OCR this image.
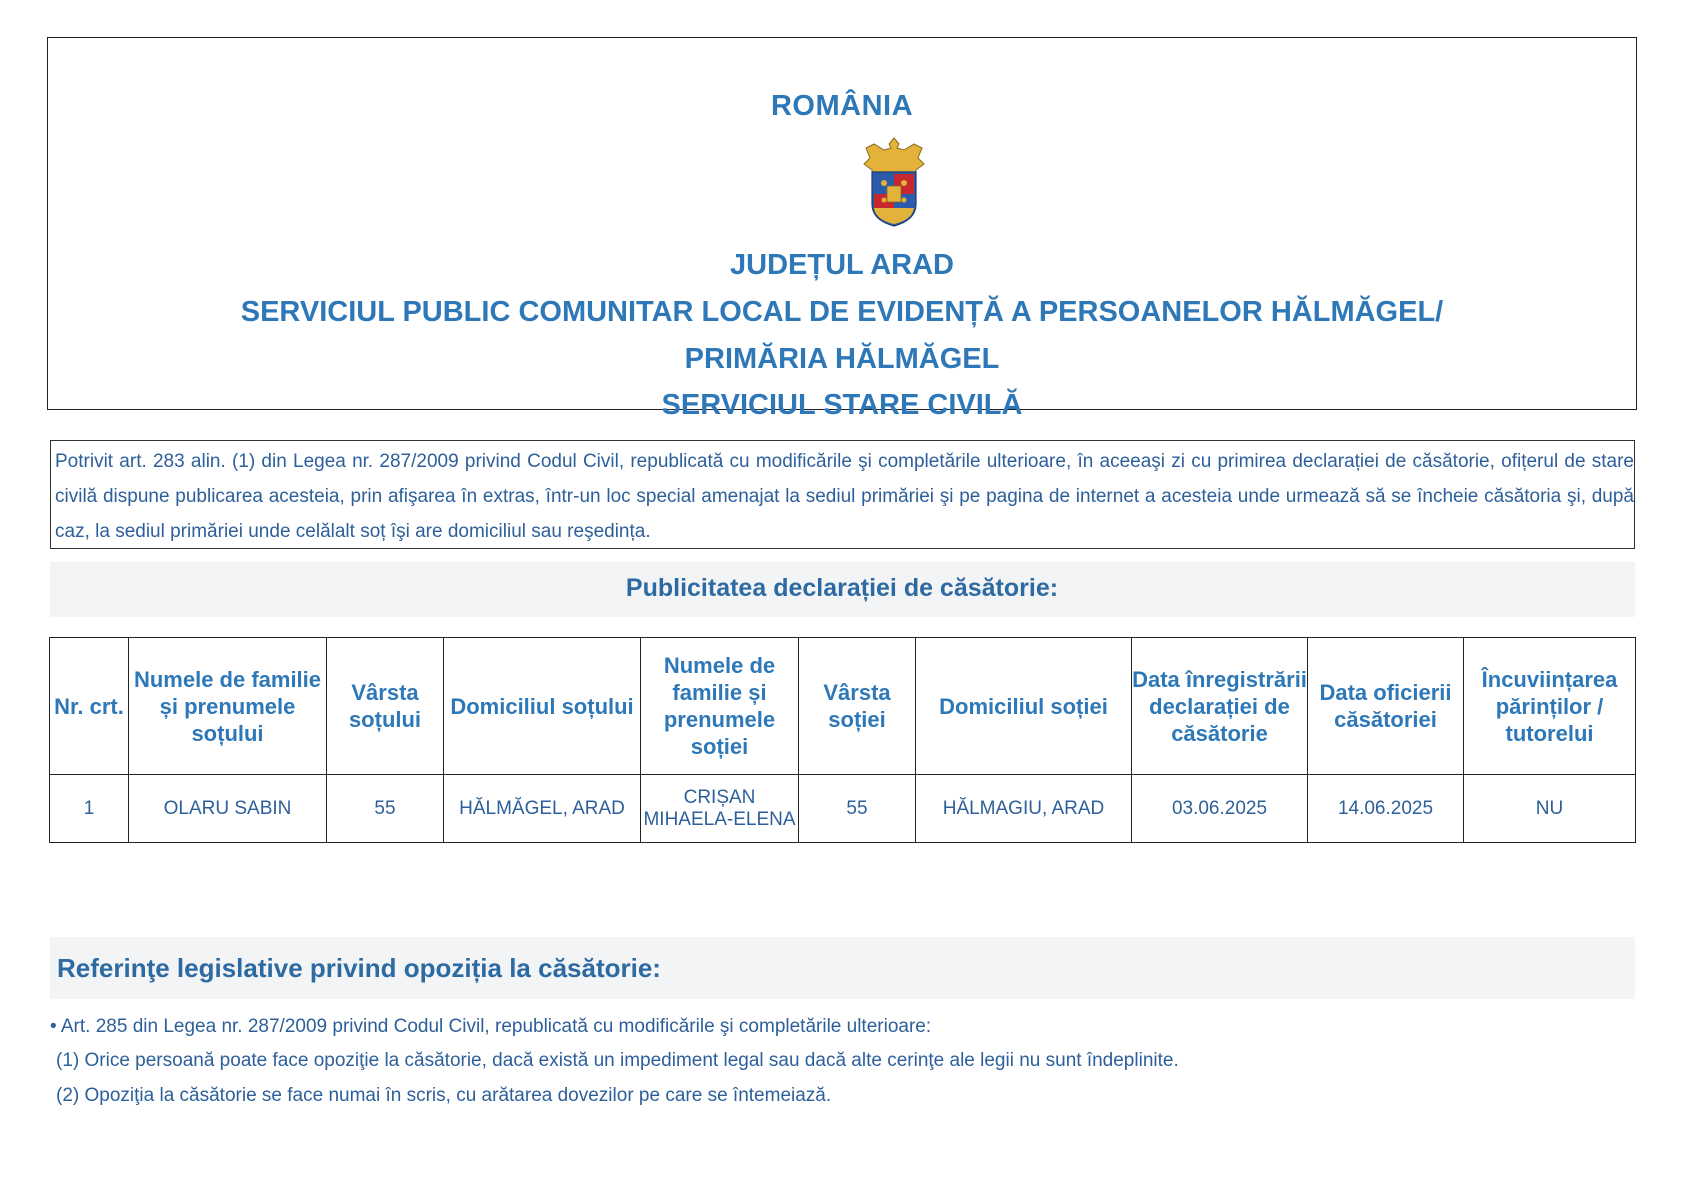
ROMÂNIA
JUDEȚUL ARAD
SERVICIUL PUBLIC COMUNITAR LOCAL DE EVIDENȚĂ A PERSOANELOR HĂLMĂGEL/
PRIMĂRIA HĂLMĂGEL
SERVICIUL STARE CIVILĂ
Potrivit art. 283 alin. (1) din Legea nr. 287/2009 privind Codul Civil, republicată cu modificările şi completările ulterioare, în aceeaşi zi cu primirea declarației de căsătorie, ofițerul de stare civilă dispune publicarea acesteia, prin afişarea în extras, într-un loc special amenajat la sediul primăriei şi pe pagina de internet a acesteia unde urmează să se încheie căsătoria şi, după caz, la sediul primăriei unde celălalt soț îşi are domiciliul sau reşedința.
Publicitatea declarației de căsătorie:
Nr. crt.	Numele de familie și prenumele soțului	Vârsta soțului	Domiciliul soțului	Numele de familie și prenumele soției	Vârsta soției	Domiciliul soției	Data înregistrării declarației de căsătorie	Data oficierii căsătoriei	Încuviințarea părinților / tutorelui
1	OLARU SABIN	55	HĂLMĂGEL, ARAD	CRIȘAN MIHAELA-ELENA	55	HĂLMAGIU, ARAD	03.06.2025	14.06.2025	NU
Referinţe legislative privind opoziția la căsătorie:
• Art. 285 din Legea nr. 287/2009 privind Codul Civil, republicată cu modificările şi completările ulterioare:
(1) Orice persoană poate face opoziţie la căsătorie, dacă există un impediment legal sau dacă alte cerinţe ale legii nu sunt îndeplinite.
(2) Opoziţia la căsătorie se face numai în scris, cu arătarea dovezilor pe care se întemeiază.
